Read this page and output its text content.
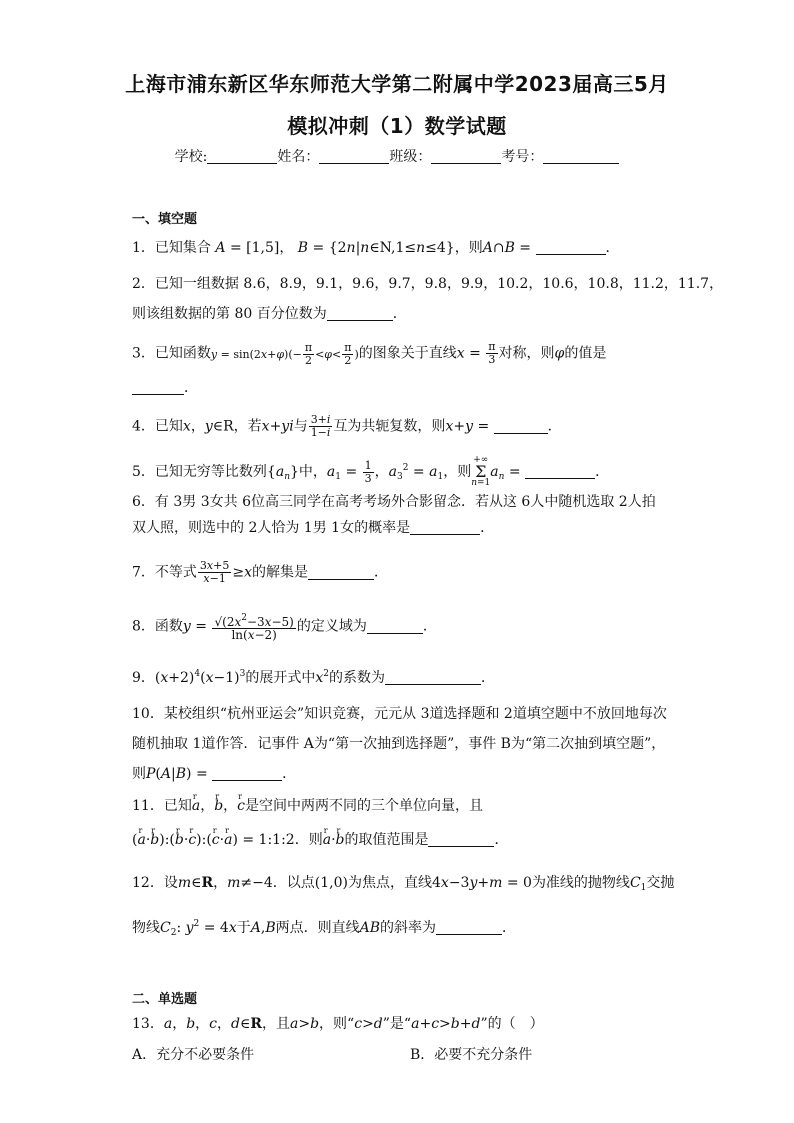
上海市浦东新区华东师范大学第二附属中学2023届高三5月
模拟冲刺（1）数学试题
学校:	姓名：	班级：	考号：
一、填空题
1．已知集合 A = [1,5]， B = {2n|n∈N,1≤n≤4}，则A∩B =	．
2．已知一组数据 8.6，8.9，9.1，9.6，9.7，9.8，9.9，10.2，10.6，10.8，11.2，11.7，
则该组数据的第 80 百分位数为	．
3．已知函数$y = \sin(2x+\varphi)(- \frac{\pi}{2} <\varphi< \frac{\pi}{2}$ )的图象关于直线$x = \frac{\pi}{3}$ 对称，则φ的值是
．
4．已知x，y∈R，若x+yi与 $\frac{3+i}{1-i}$ 互为共轭复数，则x+y =	．
5．已知无穷等比数列$\{a_n\}$中，$a_1 = \frac{1}{3}$ ，$a_3^2 = a_1$，则+∞
Σ
$n=1a_n$ =	．
6．有 3男 3女共 6位高三同学在高考考场外合影留念．若从这 6人中随机选取 2人拍
双人照，则选中的 2人恰为 1男 1女的概率是	．
7．不等式 $\frac{3x+5}{x-1} \ge x$的解集是	．
8．函数$y = \frac{√(2x^2-3x-5)}{\ln(x-2)}$ 的定义域为	．
9．$(x+2)^4(x-1)^3$的展开式中$x^2$的系数为	．
10．某校组织“杭州亚运会”知识竞赛，元元从 3道选择题和 2道填空题中不放回地每次
随机抽取 1道作答．记事件 A为“第一次抽到选择题”，事件 B为“第二次抽到填空题”，
则P(A|B) =	．
11．已知r a，r b，r c是空间中两两不同的三个单位向量，且
(r a·r b):(r b·r c):(r c·r a) = 1:1:2．则r a·r b的取值范围是	．
12．设m∈R，m≠−4．以点(1,0)为焦点，直线4x−3y+m = 0为准线的抛物线$C_1$交抛
物线$C_2$: $y^2 = 4x$于A,B两点．则直线AB的斜率为	．
二、单选题
13．a，b，c，d∈R，且a>b，则“c>d”是“a+c>b+d”的（　）
A．充分不必要条件	B．必要不充分条件
